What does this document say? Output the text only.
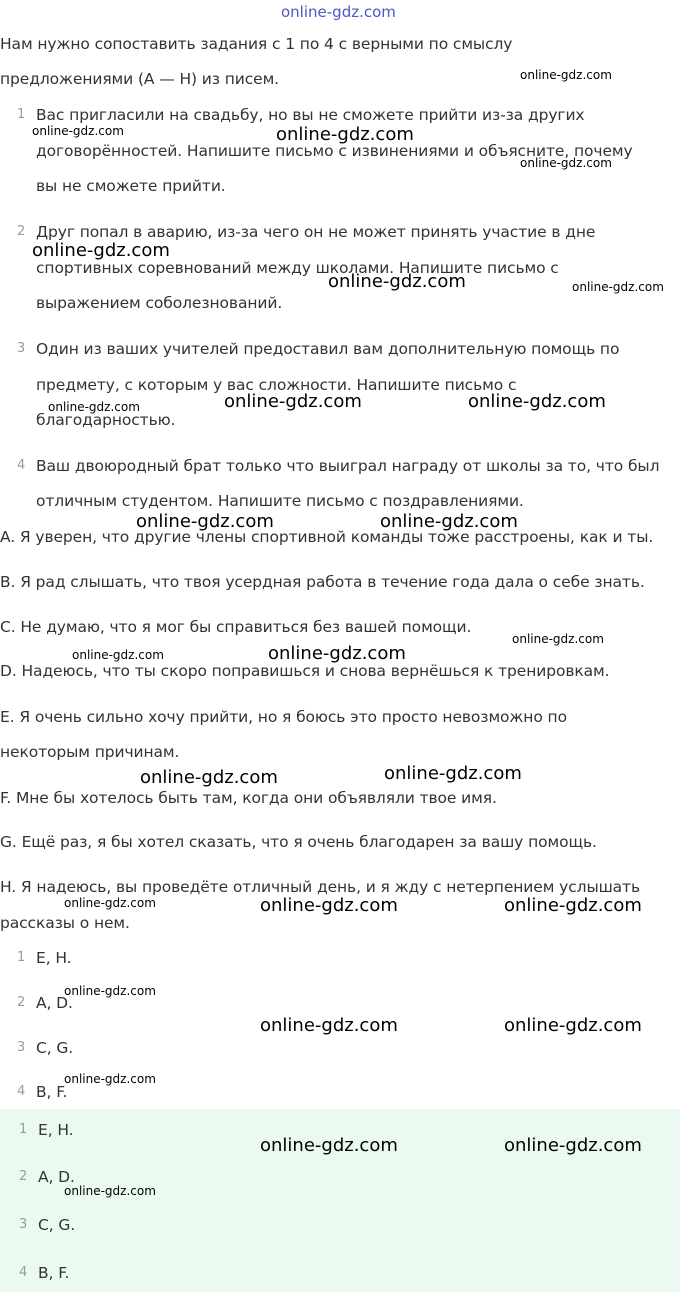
online-gdz.com
Нам нужно сопоставить задания с 1 по 4 с верными по смыслу
предложениями (A — H) из писем.
1 Вас пригласили на свадьбу, но вы не сможете прийти из-за других
договорённостей. Напишите письмо с извинениями и объясните, почему
вы не сможете прийти.
2 Друг попал в аварию, из-за чего он не может принять участие в дне
спортивных соревнований между школами. Напишите письмо с
выражением соболезнований.
3 Один из ваших учителей предоставил вам дополнительную помощь по
предмету, с которым у вас сложности. Напишите письмо с
благодарностью.
4 Ваш двоюродный брат только что выиграл награду от школы за то, что был
отличным студентом. Напишите письмо с поздравлениями.
A. Я уверен, что другие члены спортивной команды тоже расстроены, как и ты.
B. Я рад слышать, что твоя усердная работа в течение года дала о себе знать.
C. Не думаю, что я мог бы справиться без вашей помощи.
D. Надеюсь, что ты скоро поправишься и снова вернёшься к тренировкам.
E. Я очень сильно хочу прийти, но я боюсь это просто невозможно по
некоторым причинам.
F. Мне бы хотелось быть там, когда они объявляли твое имя.
G. Ещё раз, я бы хотел сказать, что я очень благодарен за вашу помощь.
H. Я надеюсь, вы проведёте отличный день, и я жду с нетерпением услышать
рассказы о нем.
1 E, H.
2 A, D.
3 C, G.
4 B, F.
1 E, H.
2 A, D.
3 C, G.
4 B, F.
online-gdz.com
online-gdz.com	online-gdz.com
online-gdz.com
online-gdz.com
online-gdz.com	online-gdz.com
online-gdz.com	online-gdz.com
online-gdz.com
online-gdz.com	online-gdz.com
online-gdz.com
online-gdz.com
online-gdz.com
online-gdz.com
online-gdz.com
online-gdz.com	online-gdz.com	online-gdz.com
online-gdz.com
online-gdz.com	online-gdz.com
online-gdz.com
online-gdz.com	online-gdz.com
online-gdz.com
